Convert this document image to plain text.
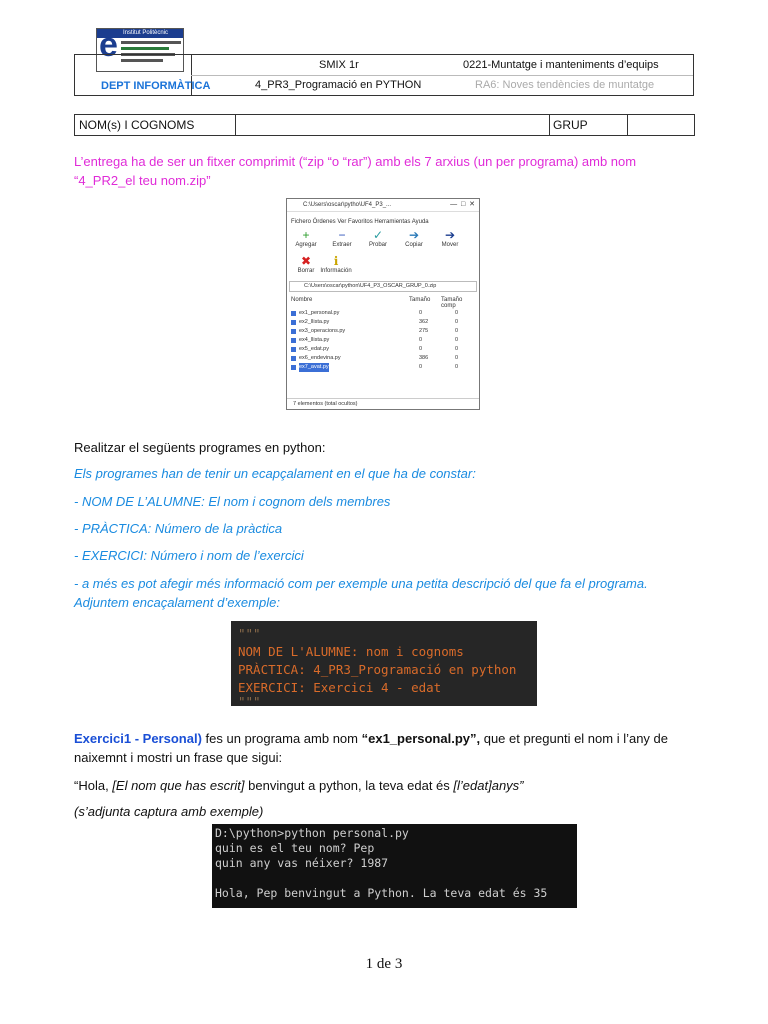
Institut Politècnic
e
SMIX 1r	0221-Muntatge i manteniments d’equips
DEPT INFORMÀTICA	4_PR3_Programació en PYTHON	RA6: Noves tendències de muntatge
NOM(s) I COGNOMS	GRUP
L’entrega ha de ser un fitxer comprimit (“zip “o “rar”) amb els 7 arxius (un per programa) amb nom
“4_PR2_el teu nom.zip”
C:\Users\oscar\pytho\UF4_P3_...	—  □  ✕
Fichero Órdenes Ver Favoritos Herramientas Ayuda
+
Agregar
−
Extraer
✓
Probar
➔
Copiar
➔
Mover
✖
Borrar
ℹ
Información
C:\Users\oscar\python\UF4_P3_OSCAR_GRUP_0.zip
Nombre	Tamaño Tamaño comp
ex1_personal.py	0	0
ex2_llista.py	362	0
ex3_operacions.py	275	0
ex4_llista.py	0	0
ex5_edat.py	0	0
ex6_endevina.py	386	0
ex7_avat.py	0	0
7 elementos (total ocultos)
Realitzar el següents programes en python:
Els programes han de tenir un ecapçalament en el que ha de constar:
- NOM DE L’ALUMNE: El nom i cognom dels membres
- PRÀCTICA: Número de la pràctica
- EXERCICI: Número i nom de l’exercici
- a més es pot afegir més informació com per exemple una petita descripció del que fa el programa.
Adjuntem encaçalament d’exemple:
"""
NOM DE L'ALUMNE: nom i cognoms
PRÀCTICA: 4_PR3_Programació en python
EXERCICI: Exercici 4 - edat
"""
Exercici1 - Personal) fes un programa amb nom “ex1_personal.py”, que et pregunti el nom i l’any de
naixemnt i mostri un frase que sigui:
“Hola, [El nom que has escrit] benvingut a python, la teva edat és [l’edat]anys”
(s’adjunta captura amb exemple)
D:\python>python personal.py
quin es el teu nom? Pep
quin any vas néixer? 1987
Hola, Pep benvingut a Python. La teva edat és 35
1 de 3
